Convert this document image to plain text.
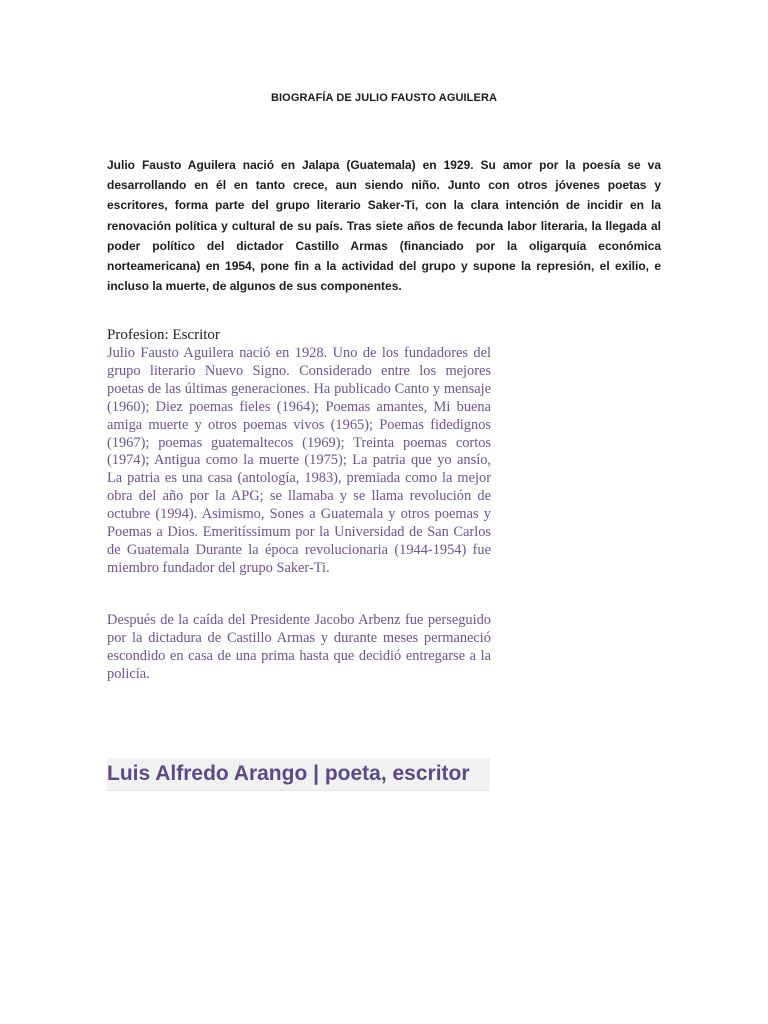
BIOGRAFÍA DE JULIO FAUSTO AGUILERA

Julio Fausto Aguilera nació en Jalapa (Guatemala) en 1929. Su amor por la poesía se va desarrollando en él en tanto crece, aun siendo niño. Junto con otros jóvenes poetas y escritores, forma parte del grupo literario Saker-Ti, con la clara intención de incidir en la renovación política y cultural de su país. Tras siete años de fecunda labor literaria, la llegada al poder político del dictador Castillo Armas (financiado por la oligarquía económica norteamericana) en 1954, pone fin a la actividad del grupo y supone la represión, el exilio, e incluso la muerte, de algunos de sus componentes.

Profesion: Escritor

Julio Fausto Aguilera nació en 1928. Uno de los fundadores del grupo literario Nuevo Signo. Considerado entre los mejores poetas de las últimas generaciones. Ha publicado Canto y mensaje (1960); Diez poemas fieles (1964); Poemas amantes, Mi buena amiga muerte y otros poemas vivos (1965); Poemas fidedignos (1967); poemas guatemaltecos (1969); Treinta poemas cortos (1974); Antigua como la muerte (1975); La patria que yo ansío, La patria es una casa (antología, 1983), premiada como la mejor obra del año por la APG; se llamaba y se llama revolución de octubre (1994). Asimismo, Sones a Guatemala y otros poemas y Poemas a Dios. Emeritíssimum por la Universidad de San Carlos de Guatemala Durante la época revolucionaria (1944-1954) fue miembro fundador del grupo Saker-Ti.

Después de la caída del Presidente Jacobo Arbenz fue perseguido por la dictadura de Castillo Armas y durante meses permaneció escondido en casa de una prima hasta que decidió entregarse a la policía.

Luis Alfredo Arango | poeta, escritor
